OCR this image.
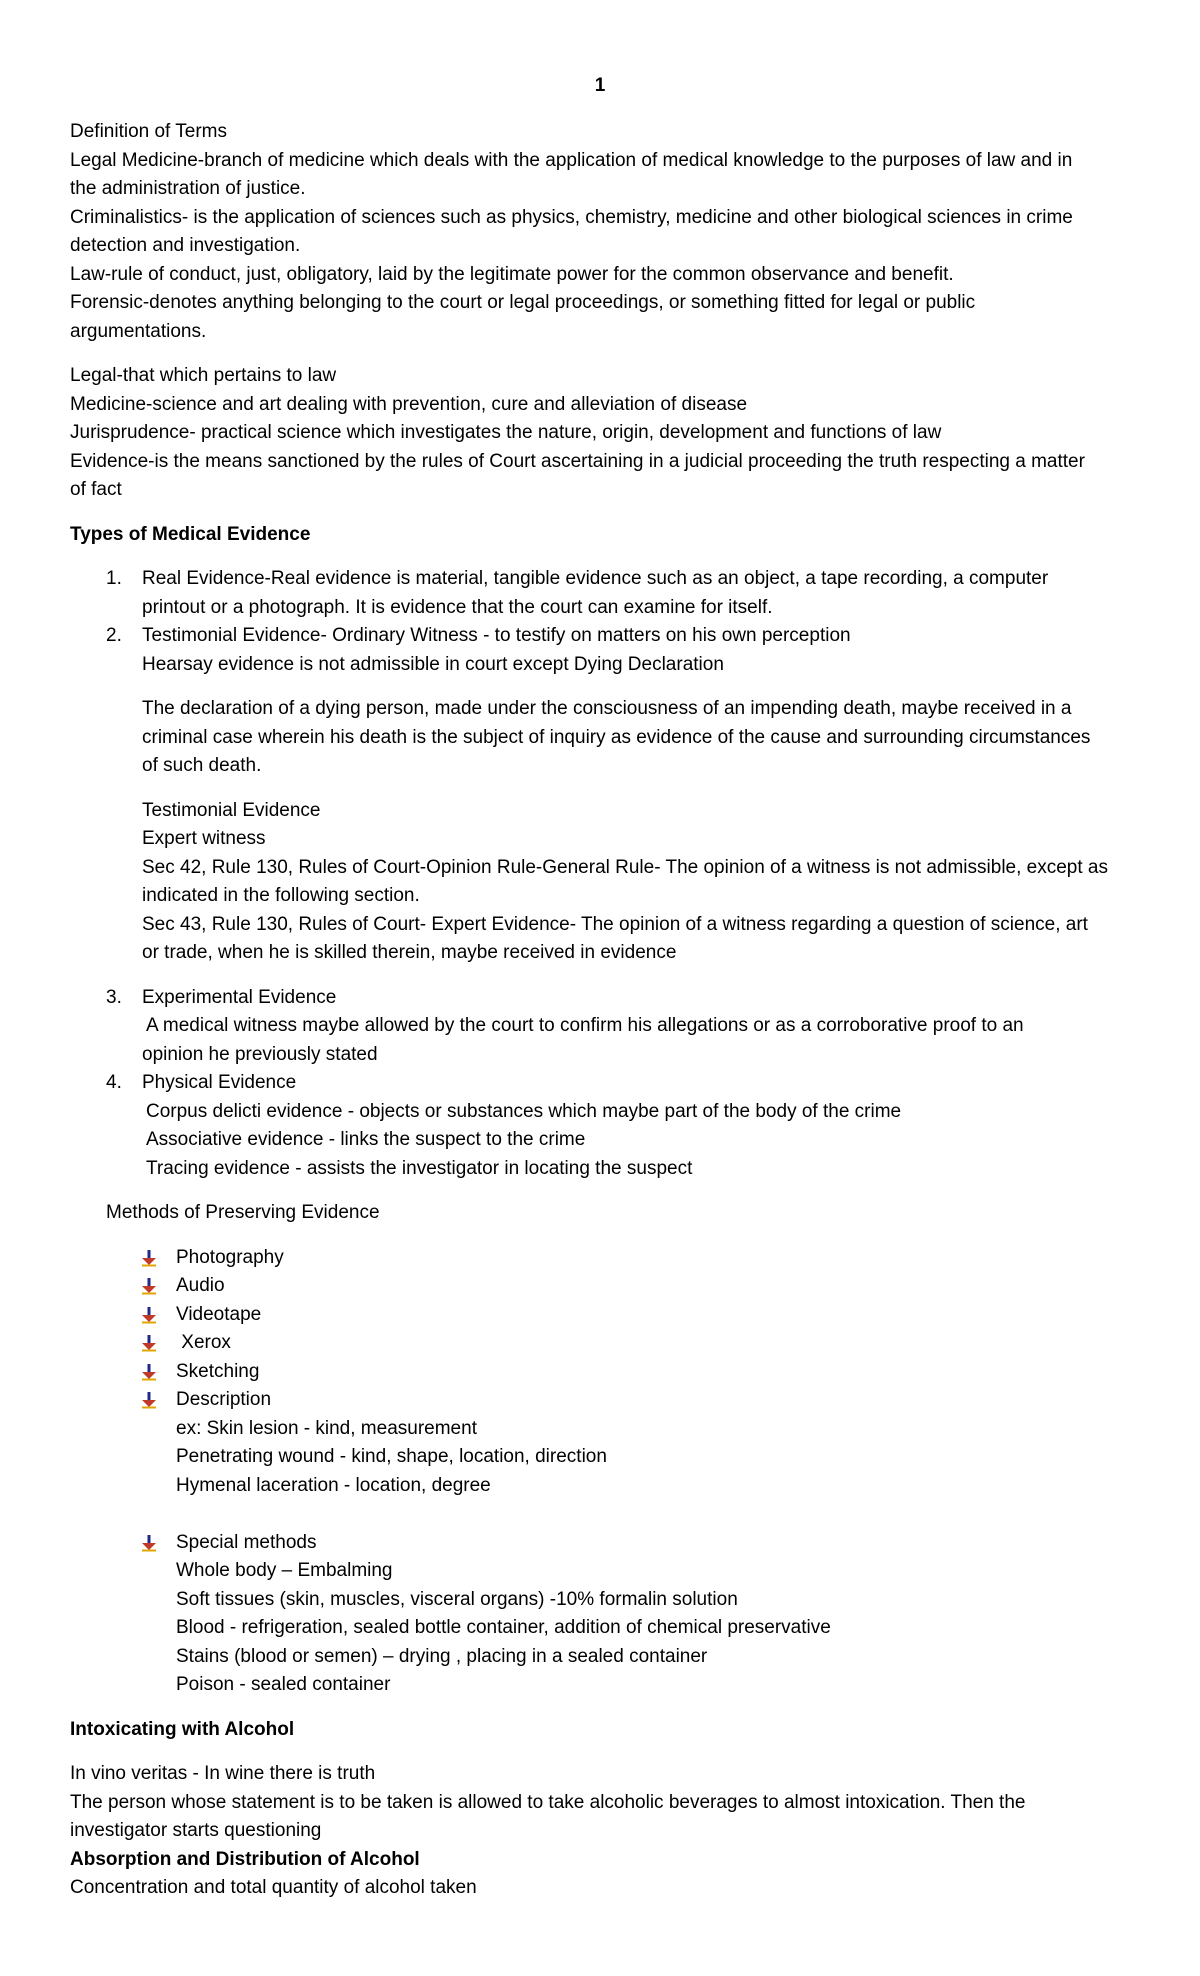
1
Definition of Terms
Legal Medicine-branch of medicine which deals with the application of medical knowledge to the purposes of law and in
the administration of justice.
Criminalistics- is the application of sciences such as physics, chemistry, medicine and other biological sciences in crime
detection and investigation.
Law-rule of conduct, just, obligatory, laid by the legitimate power for the common observance and benefit.
Forensic-denotes anything belonging to the court or legal proceedings, or something fitted for legal or public
argumentations.
Legal-that which pertains to law
Medicine-science and art dealing with prevention, cure and alleviation of disease
Jurisprudence- practical science which investigates the nature, origin, development and functions of law
Evidence-is the means sanctioned by the rules of Court ascertaining in a judicial proceeding the truth respecting a matter
of fact
Types of Medical Evidence
1. Real Evidence-Real evidence is material, tangible evidence such as an object, a tape recording, a computer
printout or a photograph. It is evidence that the court can examine for itself.
2. Testimonial Evidence- Ordinary Witness - to testify on matters on his own perception
Hearsay evidence is not admissible in court except Dying Declaration
The declaration of a dying person, made under the consciousness of an impending death, maybe received in a
criminal case wherein his death is the subject of inquiry as evidence of the cause and surrounding circumstances
of such death.
Testimonial Evidence
Expert witness
Sec 42, Rule 130, Rules of Court-Opinion Rule-General Rule- The opinion of a witness is not admissible, except as
indicated in the following section.
Sec 43, Rule 130, Rules of Court- Expert Evidence- The opinion of a witness regarding a question of science, art
or trade, when he is skilled therein, maybe received in evidence
3. Experimental Evidence
A medical witness maybe allowed by the court to confirm his allegations or as a corroborative proof to an
opinion he previously stated
4. Physical Evidence
Corpus delicti evidence - objects or substances which maybe part of the body of the crime
Associative evidence - links the suspect to the crime
Tracing evidence - assists the investigator in locating the suspect
Methods of Preserving Evidence
Photography
Audio
Videotape
Xerox
Sketching
Description
ex: Skin lesion - kind, measurement
Penetrating wound - kind, shape, location, direction
Hymenal laceration - location, degree
Special methods
Whole body – Embalming
Soft tissues (skin, muscles, visceral organs) -10% formalin solution
Blood - refrigeration, sealed bottle container, addition of chemical preservative
Stains (blood or semen) – drying , placing in a sealed container
Poison - sealed container
Intoxicating with Alcohol
In vino veritas - In wine there is truth
The person whose statement is to be taken is allowed to take alcoholic beverages to almost intoxication. Then the
investigator starts questioning
Absorption and Distribution of Alcohol
Concentration and total quantity of alcohol taken
